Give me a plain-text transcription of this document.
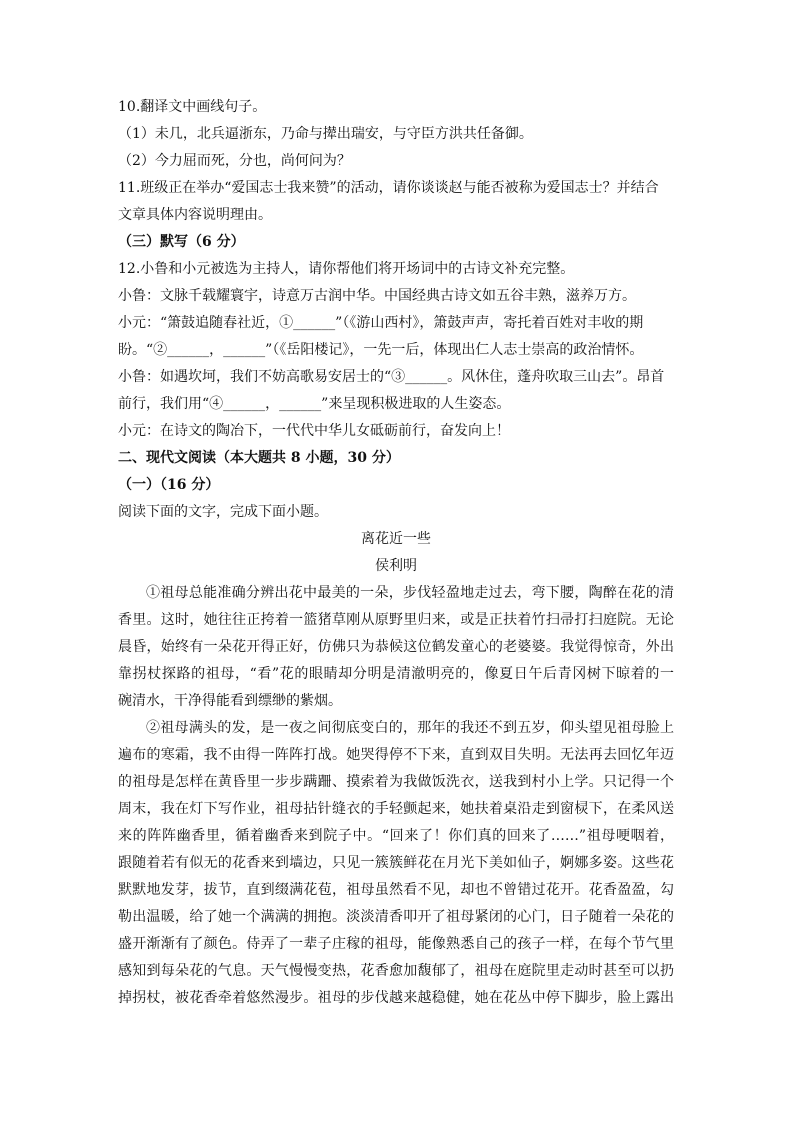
10.翻译文中画线句子。
（1）未几，北兵逼浙东，乃命与撵出瑞安，与守臣方洪共任备御。
（2）今力屈而死，分也，尚何问为？
11.班级正在举办“爱国志士我来赞”的活动，请你谈谈赵与能否被称为爱国志士？并结合
文章具体内容说明理由。
（三）默写（6 分）
12.小鲁和小元被选为主持人，请你帮他们将开场词中的古诗文补充完整。
小鲁：文脉千载耀寰宇，诗意万古润中华。中国经典古诗文如五谷丰熟，滋养万方。
小元：“箫鼓追随春社近，①______”（《游山西村》，箫鼓声声，寄托着百姓对丰收的期
盼。“②______，______”（《岳阳楼记》，一先一后，体现出仁人志士崇高的政治情怀。
小鲁：如遇坎坷，我们不妨高歌易安居士的“③______。风休住，蓬舟吹取三山去”。昂首
前行，我们用“④______，______”来呈现积极进取的人生姿态。
小元：在诗文的陶冶下，一代代中华儿女砥砺前行，奋发向上！
二、现代文阅读（本大题共 8 小题，30 分）
（一）（16 分）
阅读下面的文字，完成下面小题。
离花近一些
侯利明
①祖母总能准确分辨出花中最美的一朵，步伐轻盈地走过去，弯下腰，陶醉在花的清
香里。这时，她往往正挎着一篮猪草刚从原野里归来，或是正扶着竹扫帚打扫庭院。无论
晨昏，始终有一朵花开得正好，仿佛只为恭候这位鹤发童心的老婆婆。我觉得惊奇，外出
靠拐杖探路的祖母，“看”花的眼睛却分明是清澈明亮的，像夏日午后青冈树下晾着的一
碗清水，干净得能看到缥缈的紫烟。
②祖母满头的发，是一夜之间彻底变白的，那年的我还不到五岁，仰头望见祖母脸上
遍布的寒霜，我不由得一阵阵打战。她哭得停不下来，直到双目失明。无法再去回忆年迈
的祖母是怎样在黄昏里一步步蹒跚、摸索着为我做饭洗衣，送我到村小上学。只记得一个
周末，我在灯下写作业，祖母拈针缝衣的手轻颤起来，她扶着桌沿走到窗棂下，在柔风送
来的阵阵幽香里，循着幽香来到院子中。“回来了！你们真的回来了……”祖母哽咽着，
跟随着若有似无的花香来到墙边，只见一簇簇鲜花在月光下美如仙子，婀娜多姿。这些花
默默地发芽，拔节，直到缀满花苞，祖母虽然看不见，却也不曾错过花开。花香盈盈，勾
勒出温暖，给了她一个满满的拥抱。淡淡清香叩开了祖母紧闭的心门，日子随着一朵花的
盛开渐渐有了颜色。侍弄了一辈子庄稼的祖母，能像熟悉自己的孩子一样，在每个节气里
感知到每朵花的气息。天气慢慢变热，花香愈加馥郁了，祖母在庭院里走动时甚至可以扔
掉拐杖，被花香牵着悠然漫步。祖母的步伐越来越稳健，她在花丛中停下脚步，脸上露出
